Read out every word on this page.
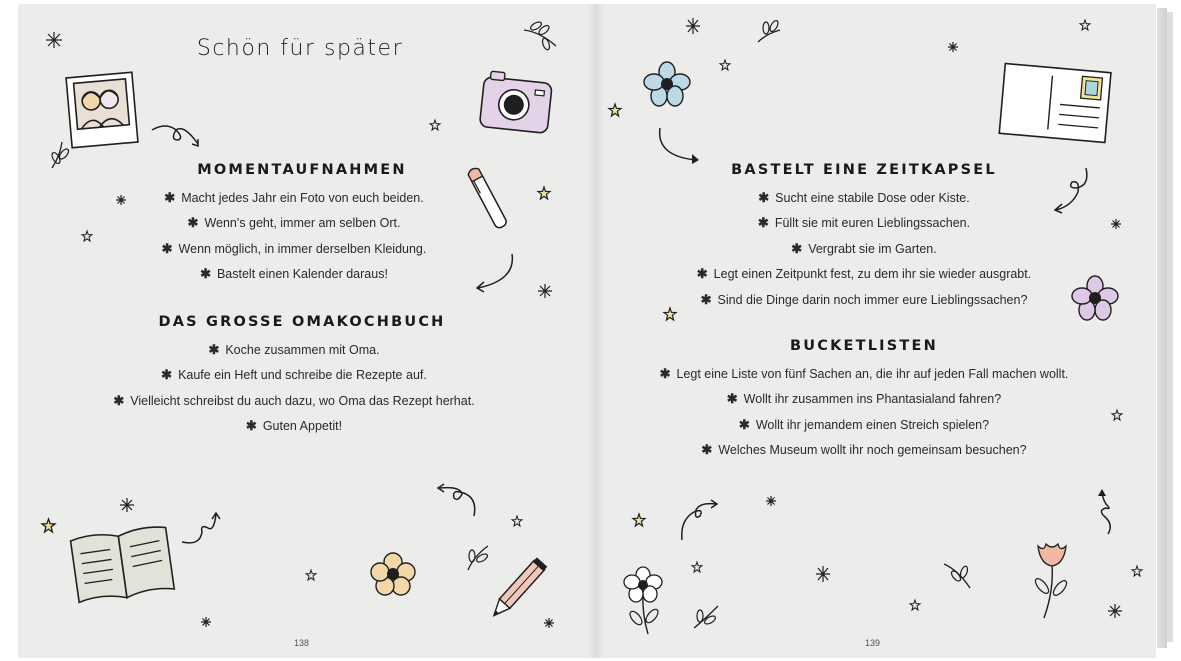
Schön für später
MOMENTAUFNAHMEN
✱ Macht jedes Jahr ein Foto von euch beiden.
✱ Wenn's geht, immer am selben Ort.
✱ Wenn möglich, in immer derselben Kleidung.
✱ Bastelt einen Kalender daraus!
DAS GROSSE OMAKOCHBUCH
✱ Koche zusammen mit Oma.
✱ Kaufe ein Heft und schreibe die Rezepte auf.
✱ Vielleicht schreibst du auch dazu, wo Oma das Rezept herhat.
✱ Guten Appetit!
138
BASTELT EINE ZEITKAPSEL
✱ Sucht eine stabile Dose oder Kiste.
✱ Füllt sie mit euren Lieblingssachen.
✱ Vergrabt sie im Garten.
✱ Legt einen Zeitpunkt fest, zu dem ihr sie wieder ausgrabt.
✱ Sind die Dinge darin noch immer eure Lieblingssachen?
BUCKETLISTEN
✱ Legt eine Liste von fünf Sachen an, die ihr auf jeden Fall machen wollt.
✱ Wollt ihr zusammen ins Phantasialand fahren?
✱ Wollt ihr jemandem einen Streich spielen?
✱ Welches Museum wollt ihr noch gemeinsam besuchen?
139
